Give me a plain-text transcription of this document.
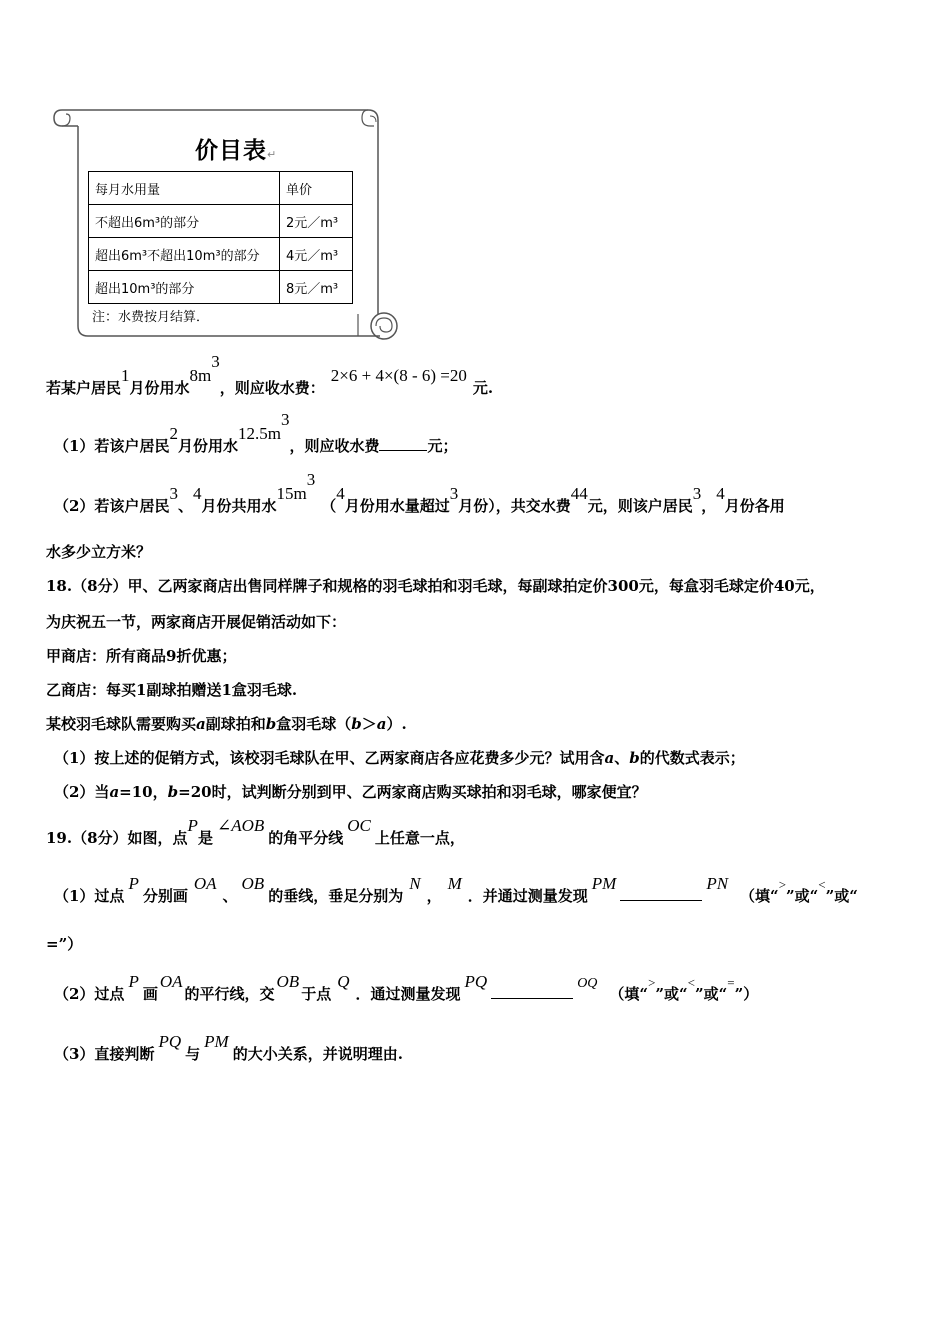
价目表↵
每月水用量	单价
不超出6m³的部分	2元／m³
超出6m³不超出10m³的部分	4元／m³
超出10m³的部分	8元／m³
注：水费按月结算．
若某户居民1月份用水$8m^3$，则应收水费：2×6 + 4×(8 - 6) =20元.
（1）若该户居民2月份用水$12.5m^3$，则应收水费	元；
（2）若该户居民3、4月份共用水$15m^3(4$月份用水量超过3月份），共交水费44元，则该户居民3，4月份各用
水多少立方米？
18.（8分）甲、乙两家商店出售同样牌子和规格的羽毛球拍和羽毛球，每副球拍定价300元，每盒羽毛球定价40元，
为庆祝五一节，两家商店开展促销活动如下：
甲商店：所有商品9折优惠；
乙商店：每买1副球拍赠送1盒羽毛球.
某校羽毛球队需要购买a副球拍和b盒羽毛球（b＞a）.
（1）按上述的促销方式，该校羽毛球队在甲、乙两家商店各应花费多少元？试用含a、b的代数式表示；
（2）当a=10，b=20时，试判断分别到甲、乙两家商店购买球拍和羽毛球，哪家便宜？
19.（8分）如图，点P是∠AOB的角平分线OC上任意一点，
（1）过点P分别画OA、OB的垂线，垂足分别为N，M．并通过测量发现PM	PN（填“>”或“<”或“
=”）
（2）过点P画OA的平行线，交OB于点Q．通过测量发现PQ	OQ（填“>”或“<”或“=”）
（3）直接判断PQ与PM的大小关系，并说明理由.
